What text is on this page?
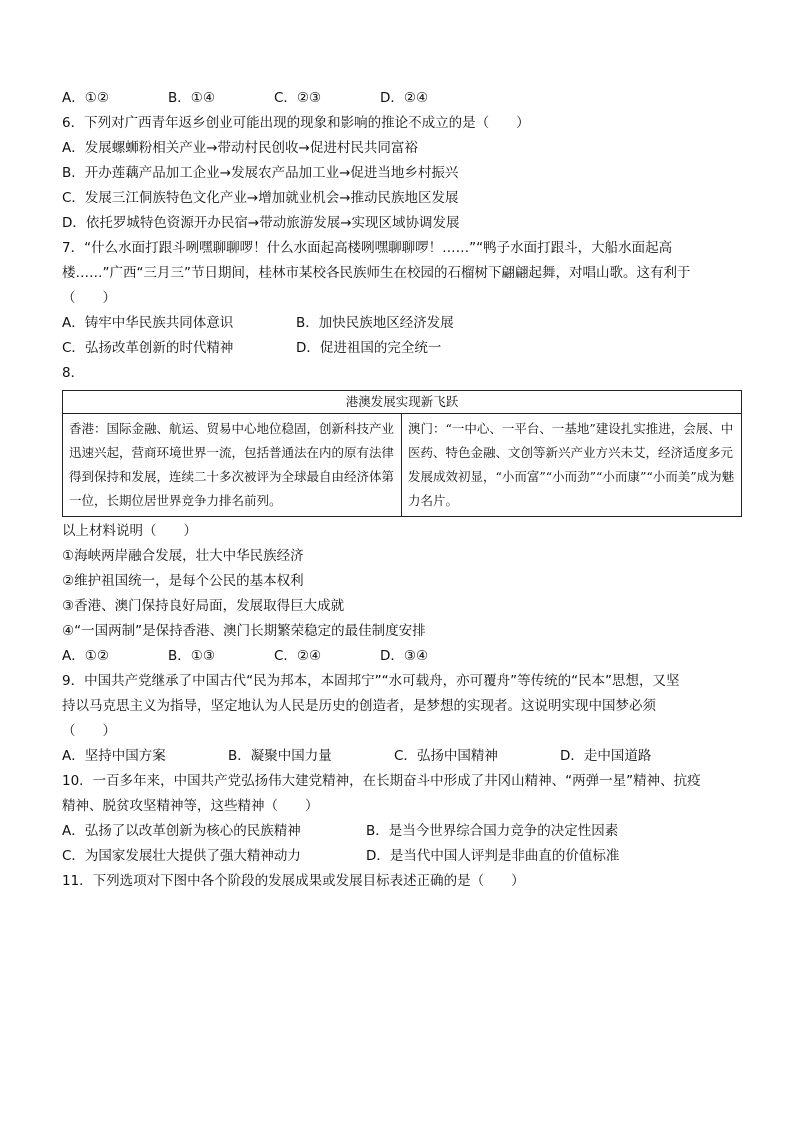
A．①②	B．①④	C．②③	D．②④
6．下列对广西青年返乡创业可能出现的现象和影响的推论不成立的是（　　）
A．发展螺蛳粉相关产业→带动村民创收→促进村民共同富裕
B．开办莲藕产品加工企业→发展农产品加工业→促进当地乡村振兴
C．发展三江侗族特色文化产业→增加就业机会→推动民族地区发展
D．依托罗城特色资源开办民宿→带动旅游发展→实现区域协调发展
7．“什么水面打跟斗咧嘿聊聊啰！什么水面起高楼咧嘿聊聊啰！……”“鸭子水面打跟斗，大船水面起高
楼……”广西“三月三”节日期间，桂林市某校各民族师生在校园的石榴树下翩翩起舞，对唱山歌。这有利于
（　　）
A．铸牢中华民族共同体意识	B．加快民族地区经济发展
C．弘扬改革创新的时代精神	D．促进祖国的完全统一
8．
港澳发展实现新飞跃
香港：国际金融、航运、贸易中心地位稳固，创新科技产业迅速兴起，营商环境世界一流，包括普通法在内的原有法律得到保持和发展，连续二十多次被评为全球最自由经济体第一位，长期位居世界竞争力排名前列。	澳门：“一中心、一平台、一基地”建设扎实推进，会展、中医药、特色金融、文创等新兴产业方兴未艾，经济适度多元发展成效初显，“小而富”“小而劲”“小而康”“小而美”成为魅力名片。
以上材料说明（　　）
①海峡两岸融合发展，壮大中华民族经济
②维护祖国统一，是每个公民的基本权利
③香港、澳门保持良好局面，发展取得巨大成就
④“一国两制”是保持香港、澳门长期繁荣稳定的最佳制度安排
A．①②	B．①③	C．②④	D．③④
9．中国共产党继承了中国古代“民为邦本，本固邦宁”“水可载舟，亦可覆舟”等传统的“民本”思想，又坚
持以马克思主义为指导，坚定地认为人民是历史的创造者，是梦想的实现者。这说明实现中国梦必须
（　　）
A．坚持中国方案	B．凝聚中国力量	C．弘扬中国精神	D．走中国道路
10．一百多年来，中国共产党弘扬伟大建党精神，在长期奋斗中形成了井冈山精神、“两弹一星”精神、抗疫
精神、脱贫攻坚精神等，这些精神（　　）
A．弘扬了以改革创新为核心的民族精神	B．是当今世界综合国力竞争的决定性因素
C．为国家发展壮大提供了强大精神动力	D．是当代中国人评判是非曲直的价值标准
11．下列选项对下图中各个阶段的发展成果或发展目标表述正确的是（　　）
